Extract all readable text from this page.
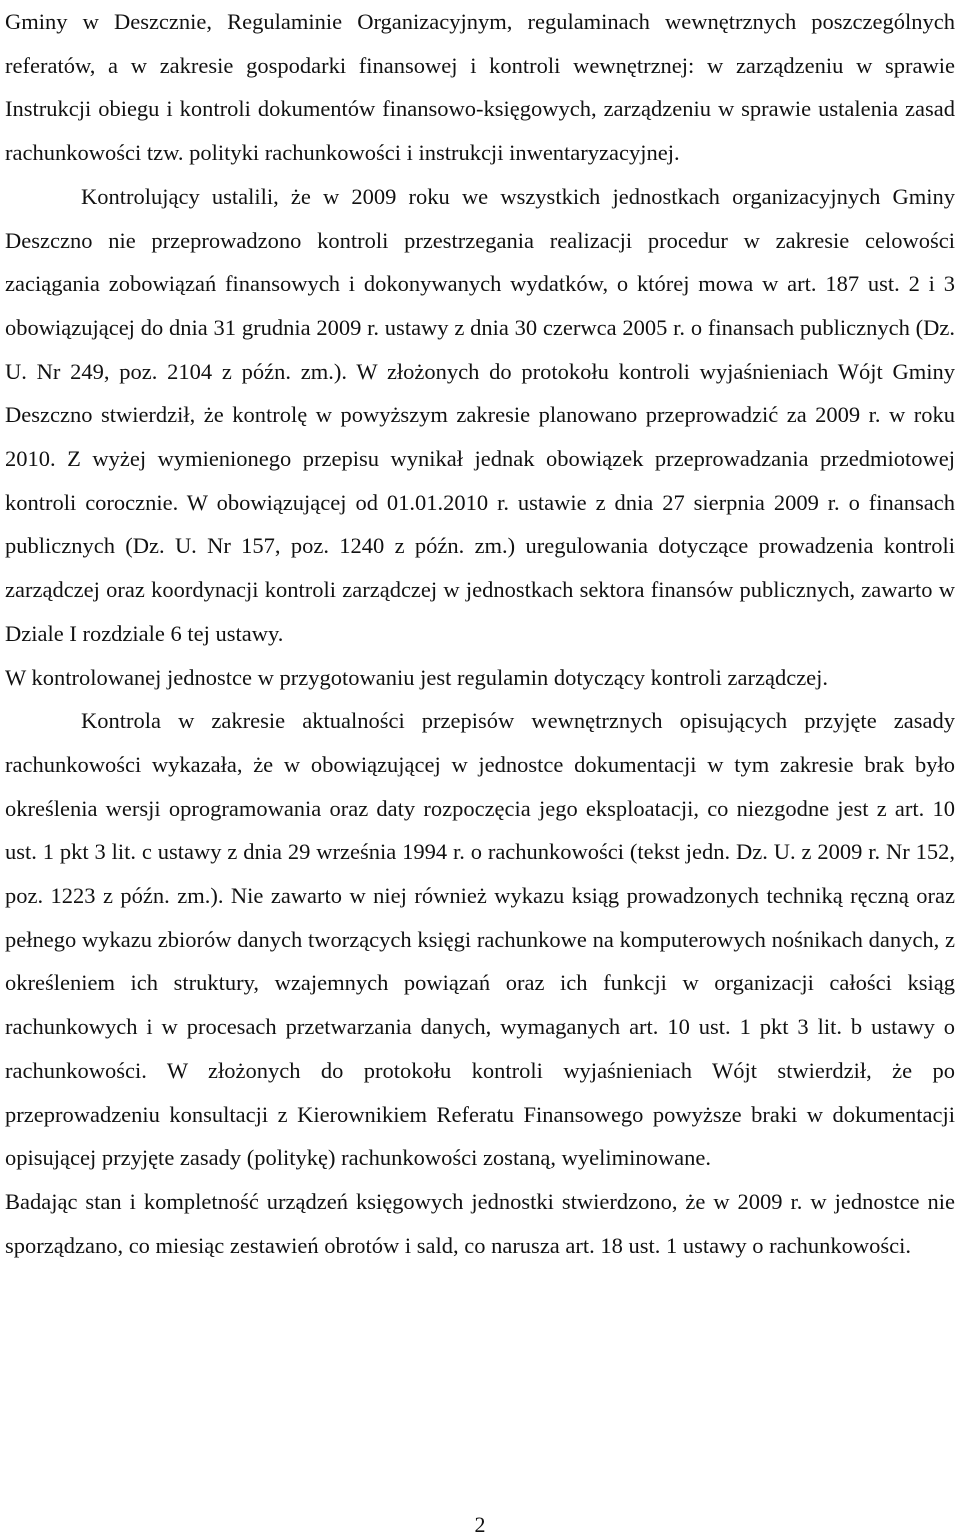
Gminy w Deszcznie, Regulaminie Organizacyjnym, regulaminach wewnętrznych poszczególnych referatów, a w zakresie gospodarki finansowej i kontroli wewnętrznej: w zarządzeniu w sprawie Instrukcji obiegu i kontroli dokumentów finansowo-księgowych, zarządzeniu w sprawie ustalenia zasad rachunkowości tzw. polityki rachunkowości i instrukcji inwentaryzacyjnej.

Kontrolujący ustalili, że w 2009 roku we wszystkich jednostkach organizacyjnych Gminy Deszczno nie przeprowadzono kontroli przestrzegania realizacji procedur w zakresie celowości zaciągania zobowiązań finansowych i dokonywanych wydatków, o której mowa w art. 187 ust. 2 i 3 obowiązującej do dnia 31 grudnia 2009 r. ustawy z dnia 30 czerwca 2005 r. o finansach publicznych (Dz. U. Nr 249, poz. 2104 z późn. zm.). W złożonych do protokołu kontroli wyjaśnieniach Wójt Gminy Deszczno stwierdził, że kontrolę w powyższym zakresie planowano przeprowadzić za 2009 r. w roku 2010. Z wyżej wymienionego przepisu wynikał jednak obowiązek przeprowadzania przedmiotowej kontroli corocznie. W obowiązującej od 01.01.2010 r. ustawie z dnia 27 sierpnia 2009 r. o finansach publicznych (Dz. U. Nr 157, poz. 1240 z późn. zm.) uregulowania dotyczące prowadzenia kontroli zarządczej oraz koordynacji kontroli zarządczej w jednostkach sektora finansów publicznych, zawarto w Dziale I rozdziale 6 tej ustawy.

W kontrolowanej jednostce w przygotowaniu jest regulamin dotyczący kontroli zarządczej.

Kontrola w zakresie aktualności przepisów wewnętrznych opisujących przyjęte zasady rachunkowości wykazała, że w obowiązującej w jednostce dokumentacji w tym zakresie brak było określenia wersji oprogramowania oraz daty rozpoczęcia jego eksploatacji, co niezgodne jest z art. 10 ust. 1 pkt 3 lit. c ustawy z dnia 29 września 1994 r. o rachunkowości (tekst jedn. Dz. U. z 2009 r. Nr 152, poz. 1223 z późn. zm.). Nie zawarto w niej również wykazu ksiąg prowadzonych techniką ręczną oraz pełnego wykazu zbiorów danych tworzących księgi rachunkowe na komputerowych nośnikach danych, z określeniem ich struktury, wzajemnych powiązań oraz ich funkcji w organizacji całości ksiąg rachunkowych i w procesach przetwarzania danych, wymaganych art. 10 ust. 1 pkt 3 lit. b ustawy o rachunkowości. W złożonych do protokołu kontroli wyjaśnieniach Wójt stwierdził, że po przeprowadzeniu konsultacji z Kierownikiem Referatu Finansowego powyższe braki w dokumentacji opisującej przyjęte zasady (politykę) rachunkowości zostaną, wyeliminowane.

Badając stan i kompletność urządzeń księgowych jednostki stwierdzono, że w 2009 r. w jednostce nie sporządzano, co miesiąc zestawień obrotów i sald, co narusza art. 18 ust. 1 ustawy o rachunkowości.

2
